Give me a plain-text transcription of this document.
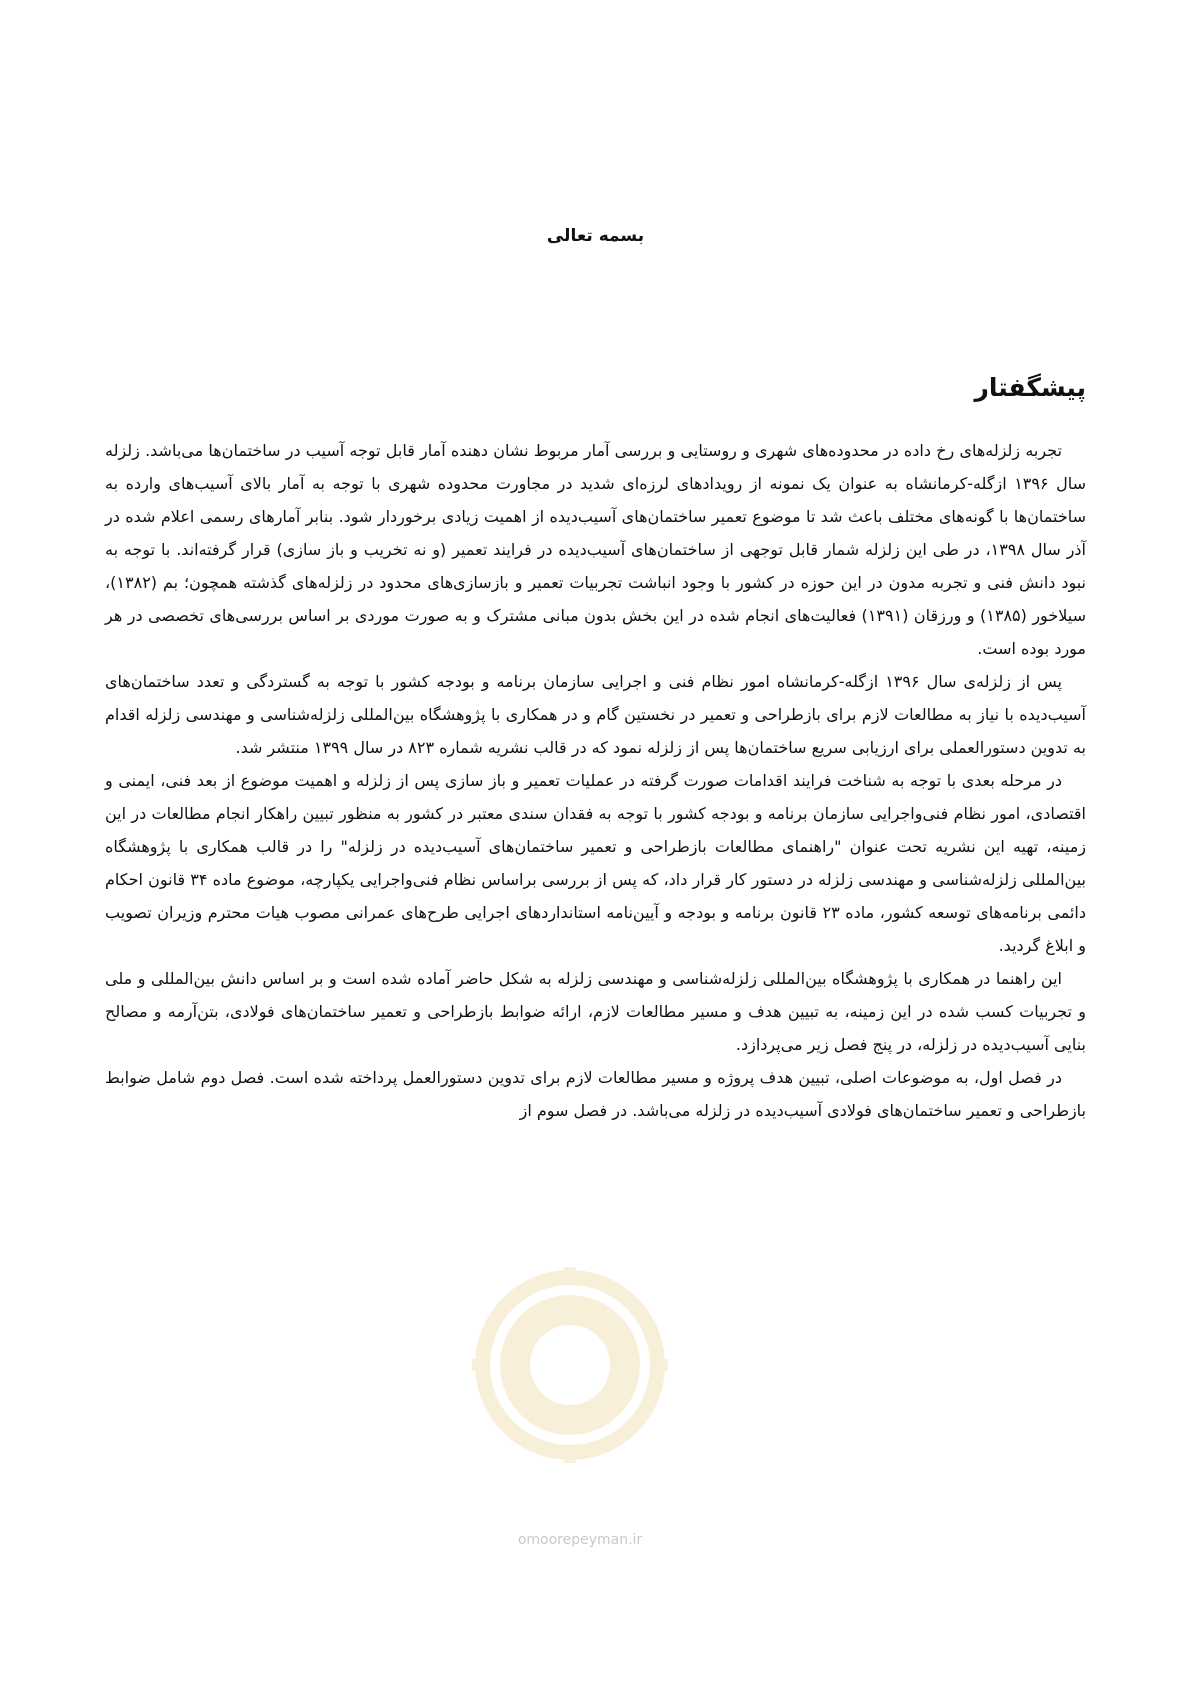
بسمه تعالی
پیشگفتار

تجربه زلزله‌های رخ داده در محدوده‌های شهری و روستایی و بررسی آمار مربوط نشان دهنده آمار قابل توجه آسیب در ساختمان‌ها می‌باشد. زلزله سال ۱۳۹۶ ازگله-کرمانشاه به عنوان یک نمونه از رویدادهای لرزه‌ای شدید در مجاورت محدوده شهری با توجه به آمار بالای آسیب‌های وارده به ساختمان‌ها با گونه‌های مختلف باعث شد تا موضوع تعمیر ساختمان‌های آسیب‌دیده از اهمیت زیادی برخوردار شود. بنابر آمارهای رسمی اعلام شده در آذر سال ۱۳۹۸، در طی این زلزله شمار قابل توجهی از ساختمان‌های آسیب‌دیده در فرایند تعمیر (و نه تخریب و باز سازی) قرار گرفته‌اند. با توجه به نبود دانش فنی و تجربه مدون در این حوزه در کشور با وجود انباشت تجربیات تعمیر و بازسازی‌های محدود در زلزله‌های گذشته همچون؛ بم (۱۳۸۲)، سیلاخور (۱۳۸۵) و ورزقان (۱۳۹۱) فعالیت‌های انجام شده در این بخش بدون مبانی مشترک و به صورت موردی بر اساس بررسی‌های تخصصی در هر مورد بوده است.

پس از زلزله‌ی سال ۱۳۹۶ ازگله-کرمانشاه امور نظام فنی و اجرایی سازمان برنامه و بودجه کشور با توجه به گستردگی و تعدد ساختمان‌های آسیب‌دیده با نیاز به مطالعات لازم برای بازطراحی و تعمیر در نخستین گام و در همکاری با پژوهشگاه بین‌المللی زلزله‌شناسی و مهندسی زلزله اقدام به تدوین دستورالعملی برای ارزیابی سریع ساختمان‌ها پس از زلزله نمود که در قالب نشریه شماره ۸۲۳ در سال ۱۳۹۹ منتشر شد.

در مرحله بعدی با توجه به شناخت فرایند اقدامات صورت گرفته در عملیات تعمیر و باز سازی پس از زلزله و اهمیت موضوع از بعد فنی، ایمنی و اقتصادی، امور نظام فنی‌واجرایی سازمان برنامه و بودجه کشور با توجه به فقدان سندی معتبر در کشور به منظور تبیین راهکار انجام مطالعات در این زمینه، تهیه این نشریه تحت عنوان "راهنمای مطالعات بازطراحی و تعمیر ساختمان‌های آسیب‌دیده در زلزله" را در قالب همکاری با پژوهشگاه بین‌المللی زلزله‌شناسی و مهندسی زلزله در دستور کار قرار داد، که پس از بررسی براساس نظام فنی‌واجرایی یکپارچه، موضوع ماده ۳۴ قانون احکام دائمی برنامه‌های توسعه کشور، ماده ۲۳ قانون برنامه و بودجه و آیین‌نامه استانداردهای اجرایی طرح‌های عمرانی مصوب هیات محترم وزیران تصویب و ابلاغ گردید.

این راهنما در همکاری با پژوهشگاه بین‌المللی زلزله‌شناسی و مهندسی زلزله به شکل حاضر آماده شده است و بر اساس دانش بین‌المللی و ملی و تجربیات کسب شده در این زمینه، به تبیین هدف و مسیر مطالعات لازم، ارائه ضوابط بازطراحی و تعمیر ساختمان‌های فولادی، بتن‌آرمه و مصالح بنایی آسیب‌دیده در زلزله، در پنج فصل زیر می‌پردازد.

در فصل اول، به موضوعات اصلی، تبیین هدف پروژه و مسیر مطالعات لازم برای تدوین دستورالعمل پرداخته شده است. فصل دوم شامل ضوابط بازطراحی و تعمیر ساختمان‌های فولادی آسیب‌دیده در زلزله می‌باشد. در فصل سوم از

omoorepeyman.ir
